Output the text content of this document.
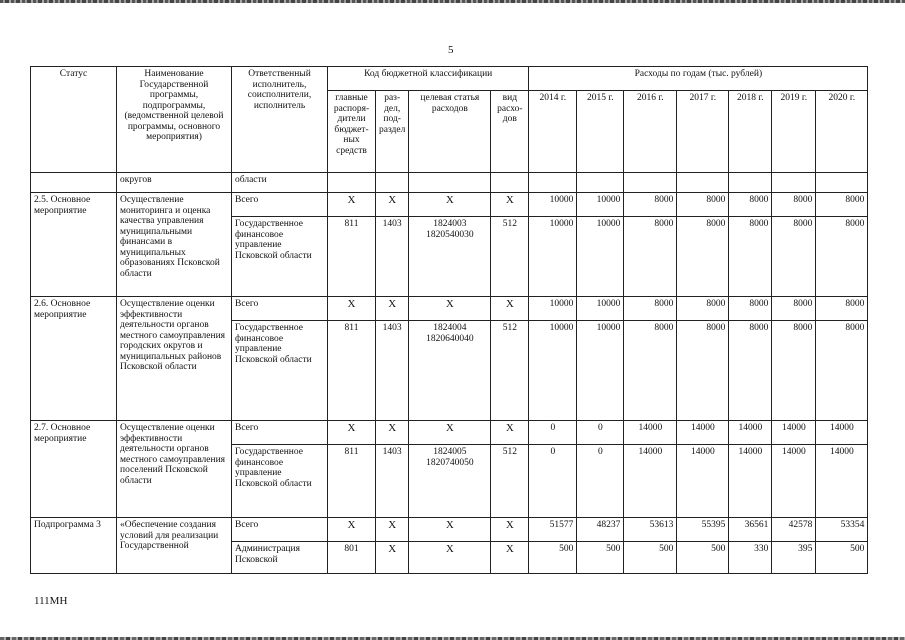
5
Статус	Наименование Государственной программы, подпрограммы, (ведомственной целевой программы, основного мероприятия)	Ответственный исполнитель, соисполнители, исполнитель	Код бюджетной классификации				Расходы по годам (тыс. рублей)						
			главные распоря-дители бюджет-ных средств	раз-дел, под-раздел	целевая статья расходов	вид расхо-дов	2014 г.	2015 г.	2016 г.	2017 г.	2018 г.	2019 г.	2020 г.
	округов	области											
2.5. Основное мероприятие	Осуществление мониторинга и оценка качества управления муниципальными финансами в муниципальных образованиях Псковской области	Всего	X	X	X	X	10000	10000	8000	8000	8000	8000	8000
		Государственное финансовое управление Псковской области	811	1403	1824003 1820540030	512	10000	10000	8000	8000	8000	8000	8000
2.6. Основное мероприятие	Осуществление оценки эффективности деятельности органов местного самоуправления городских округов и муниципальных районов Псковской области	Всего	X	X	X	X	10000	10000	8000	8000	8000	8000	8000
		Государственное финансовое управление Псковской области	811	1403	1824004 1820640040	512	10000	10000	8000	8000	8000	8000	8000
2.7. Основное мероприятие	Осуществление оценки эффективности деятельности органов местного самоуправления поселений Псковской области	Всего	X	X	X	X	0	0	14000	14000	14000	14000	14000
		Государственное финансовое управление Псковской области	811	1403	1824005 1820740050	512	0	0	14000	14000	14000	14000	14000
Подпрограмма 3	«Обеспечение создания условий для реализации Государственной	Всего	X	X	X	X	51577	48237	53613	55395	36561	42578	53354
		Администрация Псковской	801	X	X	X	500	500	500	500	330	395	500
111МН
